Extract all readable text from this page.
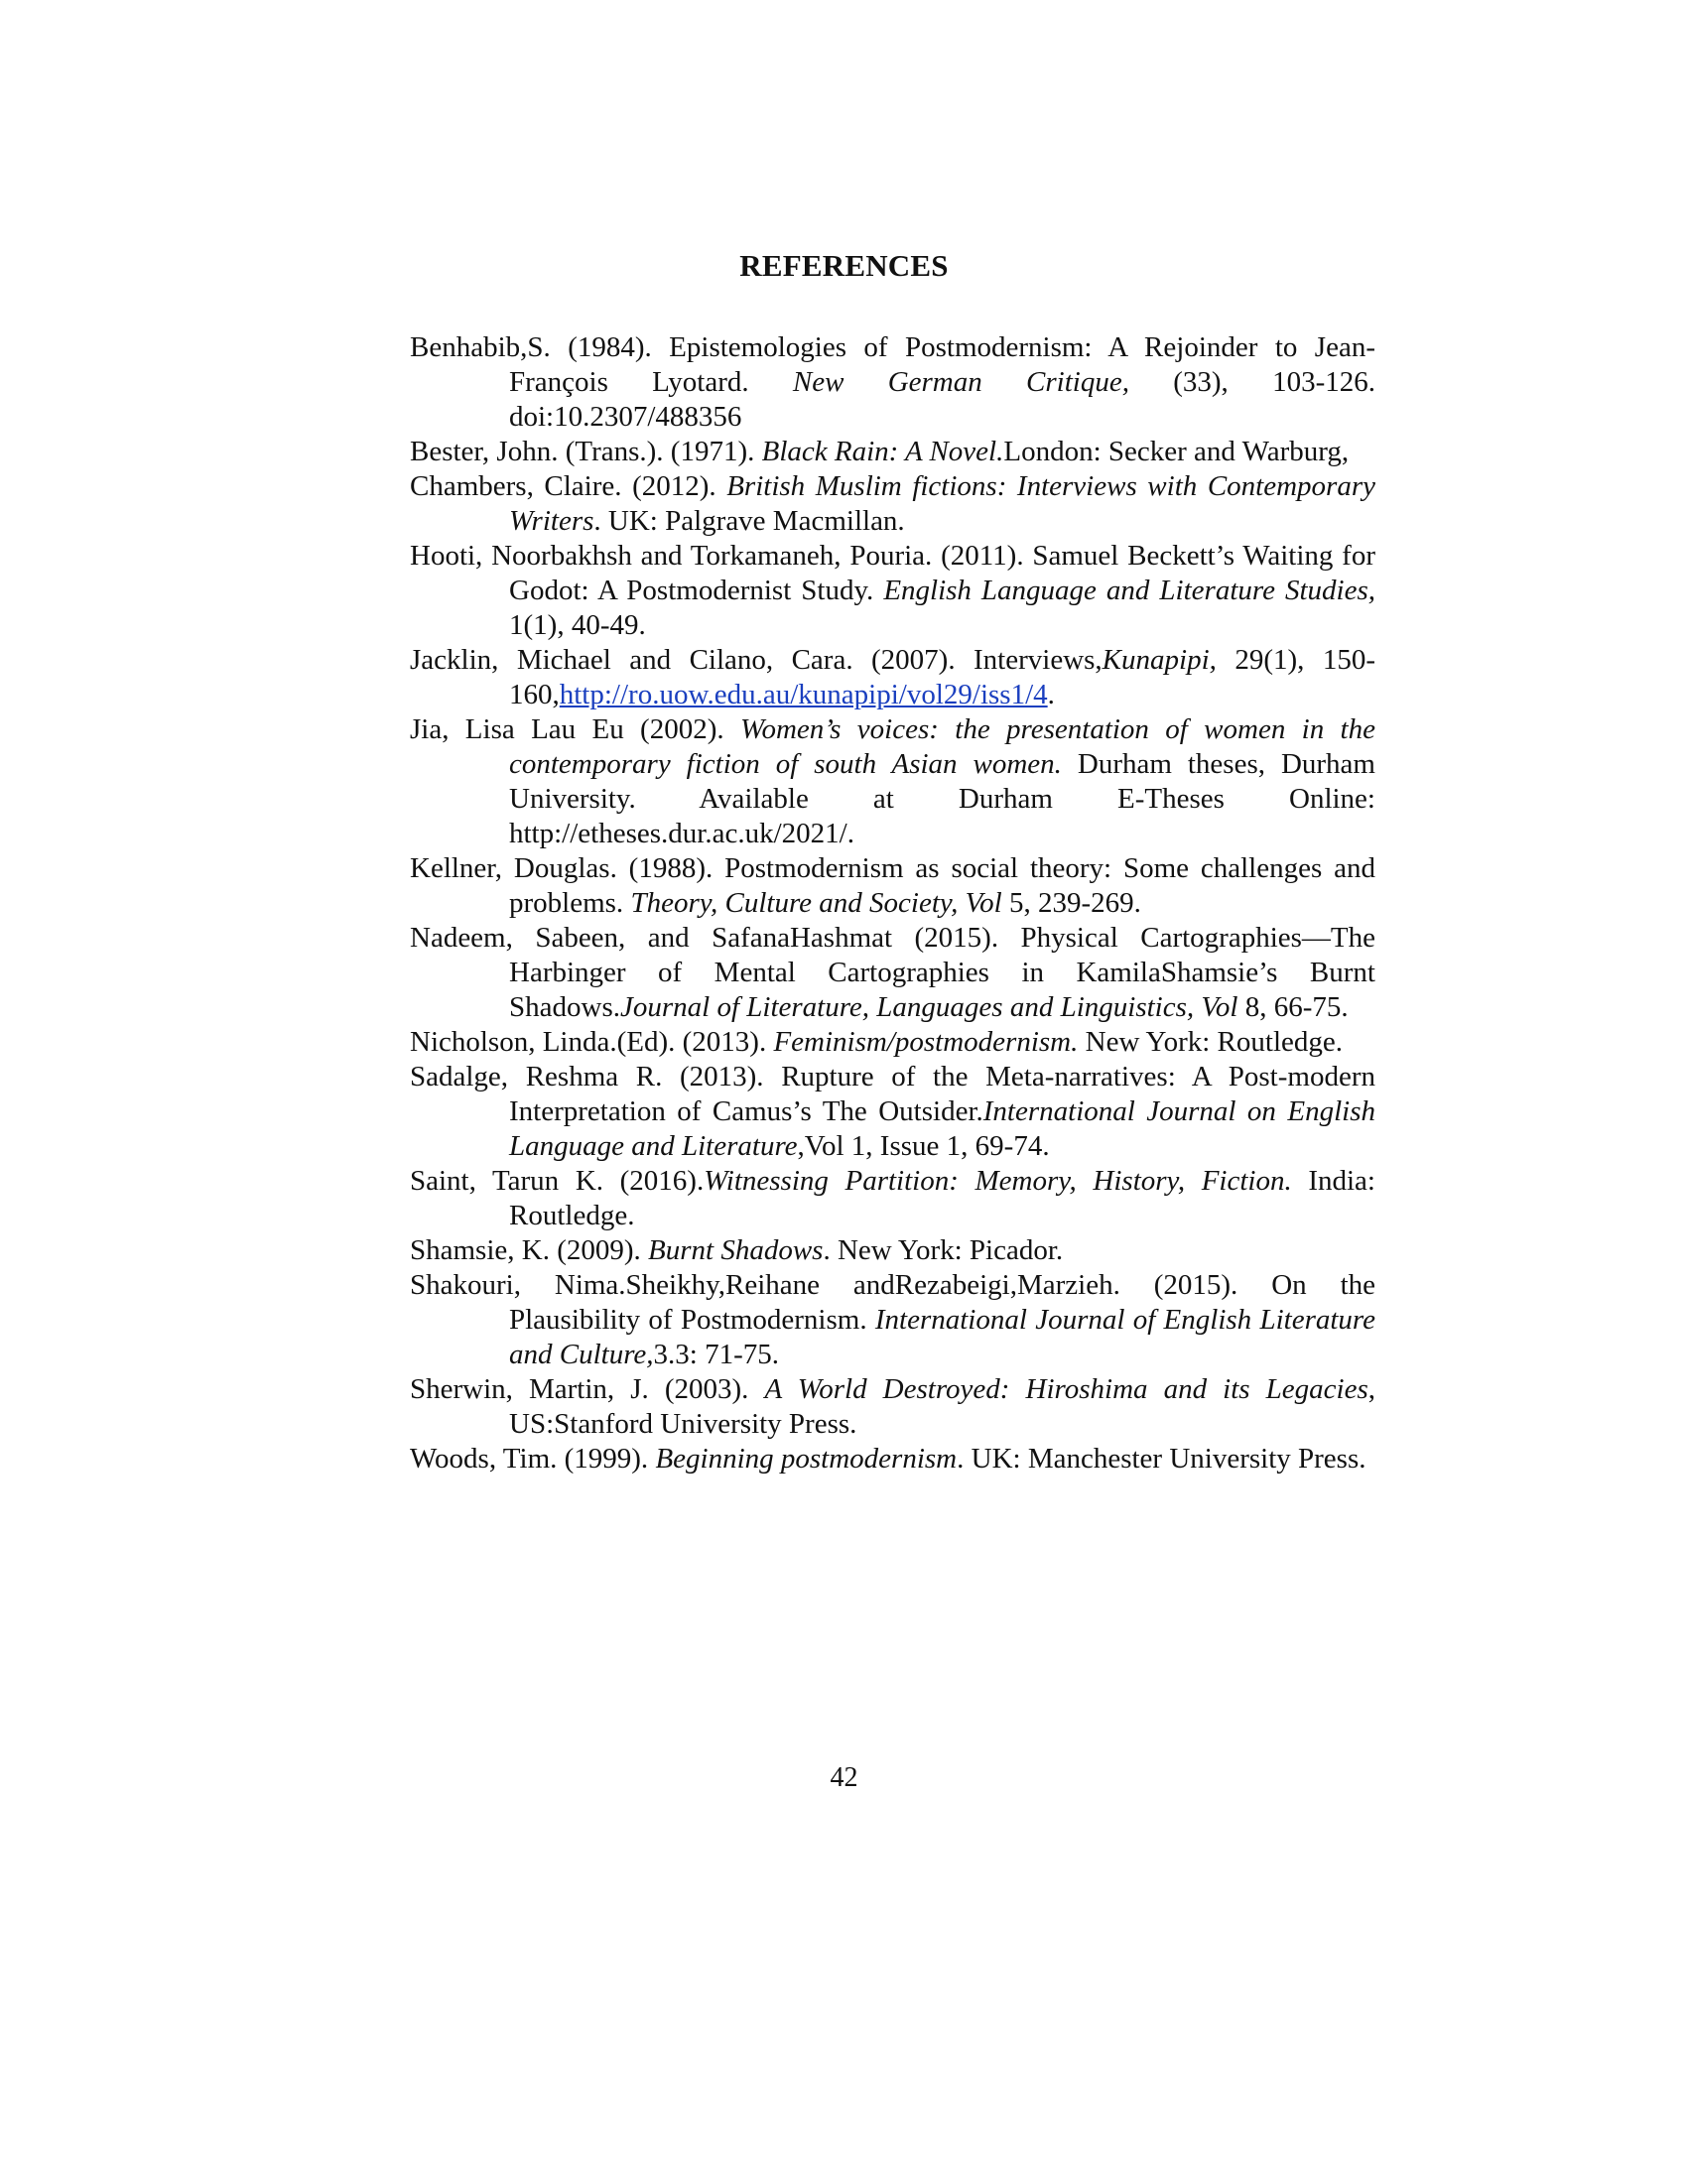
REFERENCES
Benhabib,S. (1984). Epistemologies of Postmodernism: A Rejoinder to Jean-François Lyotard. New German Critique, (33), 103-126. doi:10.2307/488356
Bester, John. (Trans.). (1971). Black Rain: A Novel.London: Secker and Warburg,
Chambers, Claire. (2012). British Muslim fictions: Interviews with Contemporary Writers. UK: Palgrave Macmillan.
Hooti, Noorbakhsh and Torkamaneh, Pouria. (2011). Samuel Beckett’s Waiting for Godot: A Postmodernist Study. English Language and Literature Studies, 1(1), 40-49.
Jacklin, Michael and Cilano, Cara. (2007). Interviews,Kunapipi, 29(1), 150-160,http://ro.uow.edu.au/kunapipi/vol29/iss1/4.
Jia, Lisa Lau Eu (2002). Women’s voices: the presentation of women in the contemporary fiction of south Asian women. Durham theses, Durham University. Available at Durham E-Theses Online: http://etheses.dur.ac.uk/2021/.
Kellner, Douglas. (1988). Postmodernism as social theory: Some challenges and problems. Theory, Culture and Society, Vol 5, 239-269.
Nadeem, Sabeen, and SafanaHashmat (2015). Physical Cartographies—The Harbinger of Mental Cartographies in KamilaShamsie’s Burnt Shadows.Journal of Literature, Languages and Linguistics, Vol 8, 66-75.
Nicholson, Linda.(Ed). (2013). Feminism/postmodernism. New York: Routledge.
Sadalge, Reshma R. (2013). Rupture of the Meta-narratives: A Post-modern Interpretation of Camus’s The Outsider.International Journal on English Language and Literature,Vol 1, Issue 1, 69-74.
Saint, Tarun K. (2016).Witnessing Partition: Memory, History, Fiction. India: Routledge.
Shamsie, K. (2009). Burnt Shadows. New York: Picador.
Shakouri, Nima.Sheikhy,Reihane andRezabeigi,Marzieh. (2015). On the Plausibility of Postmodernism. International Journal of English Literature and Culture,3.3: 71-75.
Sherwin, Martin, J. (2003). A World Destroyed: Hiroshima and its Legacies, US:Stanford University Press.
Woods, Tim. (1999). Beginning postmodernism. UK: Manchester University Press.
42
